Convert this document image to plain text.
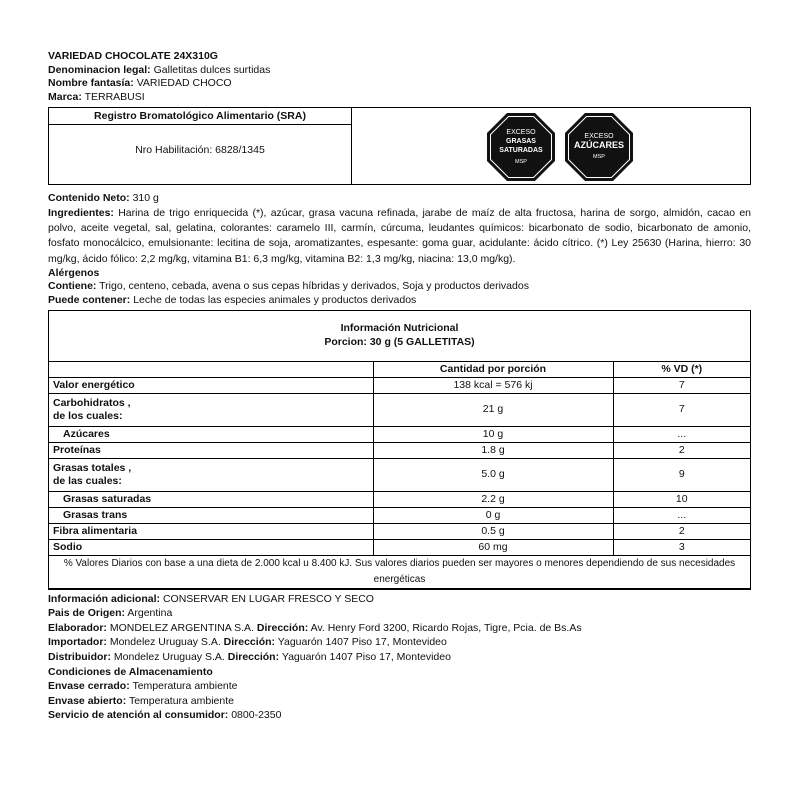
VARIEDAD CHOCOLATE 24X310G
Denominacion legal: Galletitas dulces surtidas
Nombre fantasía: VARIEDAD CHOCO
Marca: TERRABUSI
Registro Bromatológico Alimentario (SRA)
Nro Habilitación: 6828/1345
EXCESO
GRASAS
SATURADAS
MSP
EXCESO
AZÚCARES
MSP
Contenido Neto: 310 g
Ingredientes: Harina de trigo enriquecida (*), azúcar, grasa vacuna refinada, jarabe de maíz de alta fructosa, harina de sorgo, almidón, cacao en polvo, aceite vegetal, sal, gelatina, colorantes: caramelo III, carmín, cúrcuma, leudantes químicos: bicarbonato de sodio, bicarbonato de amonio, fosfato monocálcico, emulsionante: lecitina de soja, aromatizantes, espesante: goma guar, acidulante: ácido cítrico. (*) Ley 25630 (Harina, hierro: 30 mg/kg, ácido fólico: 2,2 mg/kg, vitamina B1: 6,3 mg/kg, vitamina B2: 1,3 mg/kg, niacina: 13,0 mg/kg).
Alérgenos
Contiene: Trigo, centeno, cebada, avena o sus cepas híbridas y derivados, Soja y productos derivados
Puede contener: Leche de todas las especies animales y productos derivados
Información Nutricional
Porcion: 30 g (5 GALLETITAS)
	Cantidad por porción	% VD (*)
Valor energético	138 kcal = 576 kj	7

Carbohidratos ,
de los cuales:	21 g	7
Azúcares	10 g	...
Proteínas	1.8 g	2

Grasas totales ,
de las cuales:	5.0 g	9
Grasas saturadas	2.2 g	10
Grasas trans	0 g	...
Fibra alimentaria	0.5 g	2
Sodio	60 mg	3
% Valores Diarios con base a una dieta de 2.000 kcal u 8.400 kJ. Sus valores diarios pueden ser mayores o menores dependiendo de sus necesidades energéticas		
Información adicional: CONSERVAR EN LUGAR FRESCO Y SECO
Pais de Origen: Argentina
Elaborador: MONDELEZ ARGENTINA S.A. Dirección: Av. Henry Ford 3200, Ricardo Rojas, Tigre, Pcia. de Bs.As
Importador: Mondelez Uruguay S.A. Dirección: Yaguarón 1407 Piso 17, Montevideo
Distribuidor: Mondelez Uruguay S.A. Dirección: Yaguarón 1407 Piso 17, Montevideo
Condiciones de Almacenamiento
Envase cerrado: Temperatura ambiente
Envase abierto: Temperatura ambiente
Servicio de atención al consumidor: 0800-2350
